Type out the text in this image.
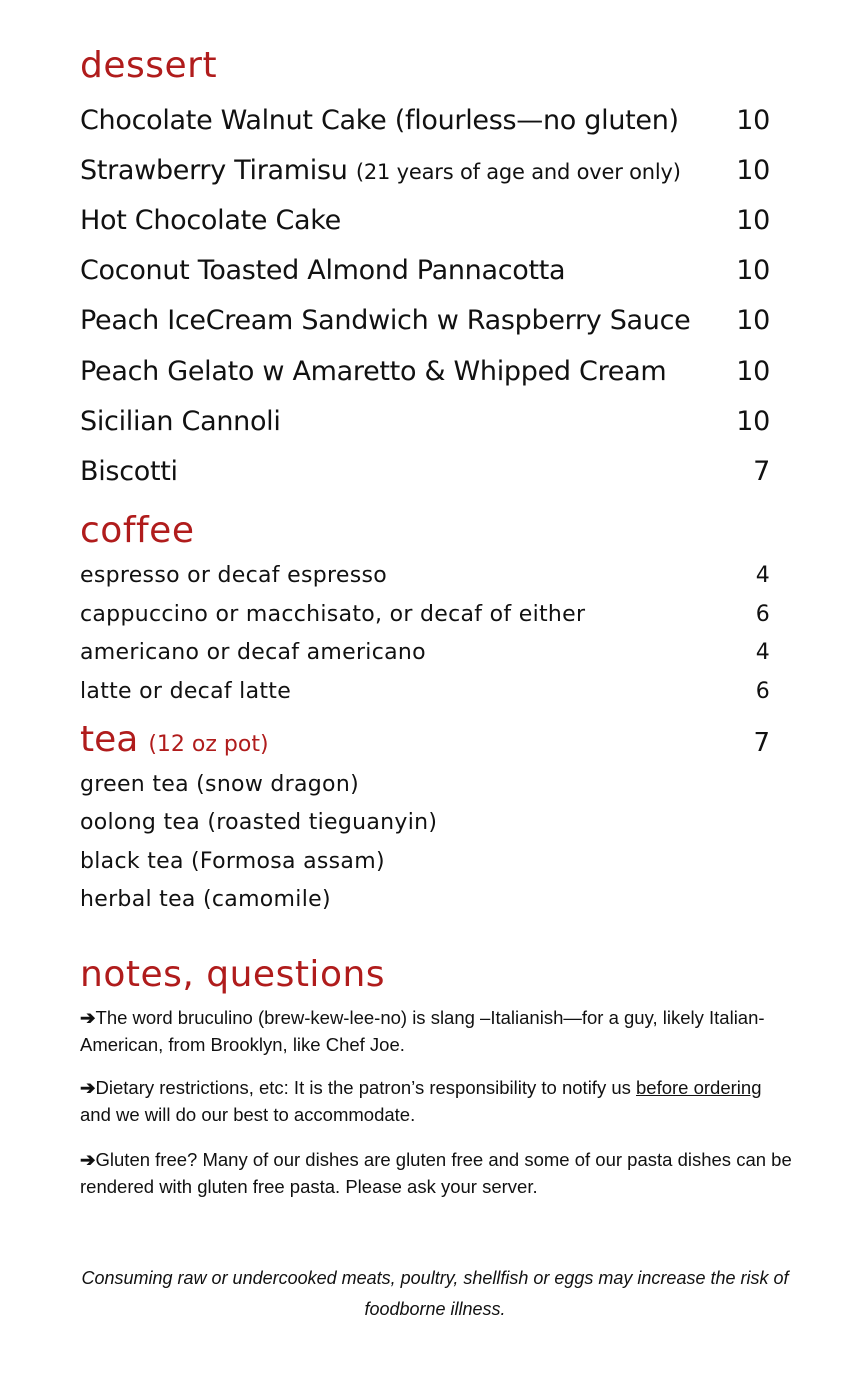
dessert
Chocolate Walnut Cake (flourless—no gluten) 10
Strawberry Tiramisu (21 years of age and over only) 10
Hot Chocolate Cake	10
Coconut Toasted Almond Pannacotta	10
Peach IceCream Sandwich w Raspberry Sauce 10
Peach Gelato w Amaretto & Whipped Cream	10
Sicilian Cannoli	10
Biscotti	7
coffee
espresso or decaf espresso	4
cappuccino or macchisato, or decaf of either	6
americano or decaf americano	4
latte or decaf latte	6
tea (12 oz pot)	7
green tea (snow dragon)
oolong tea (roasted tieguanyin)
black tea (Formosa assam)
herbal tea (camomile)
notes, questions

➔The word bruculino (brew-kew-lee-no) is slang –Italianish—for a guy, likely Italian-American, from Brooklyn, like Chef Joe.

➔Dietary restrictions, etc: It is the patron’s responsibility to notify us before ordering and we will do our best to accommodate.

➔Gluten free? Many of our dishes are gluten free and some of our pasta dishes can be rendered with gluten free pasta. Please ask your server.

Consuming raw or undercooked meats, poultry, shellfish or eggs may increase the risk of foodborne illness.
